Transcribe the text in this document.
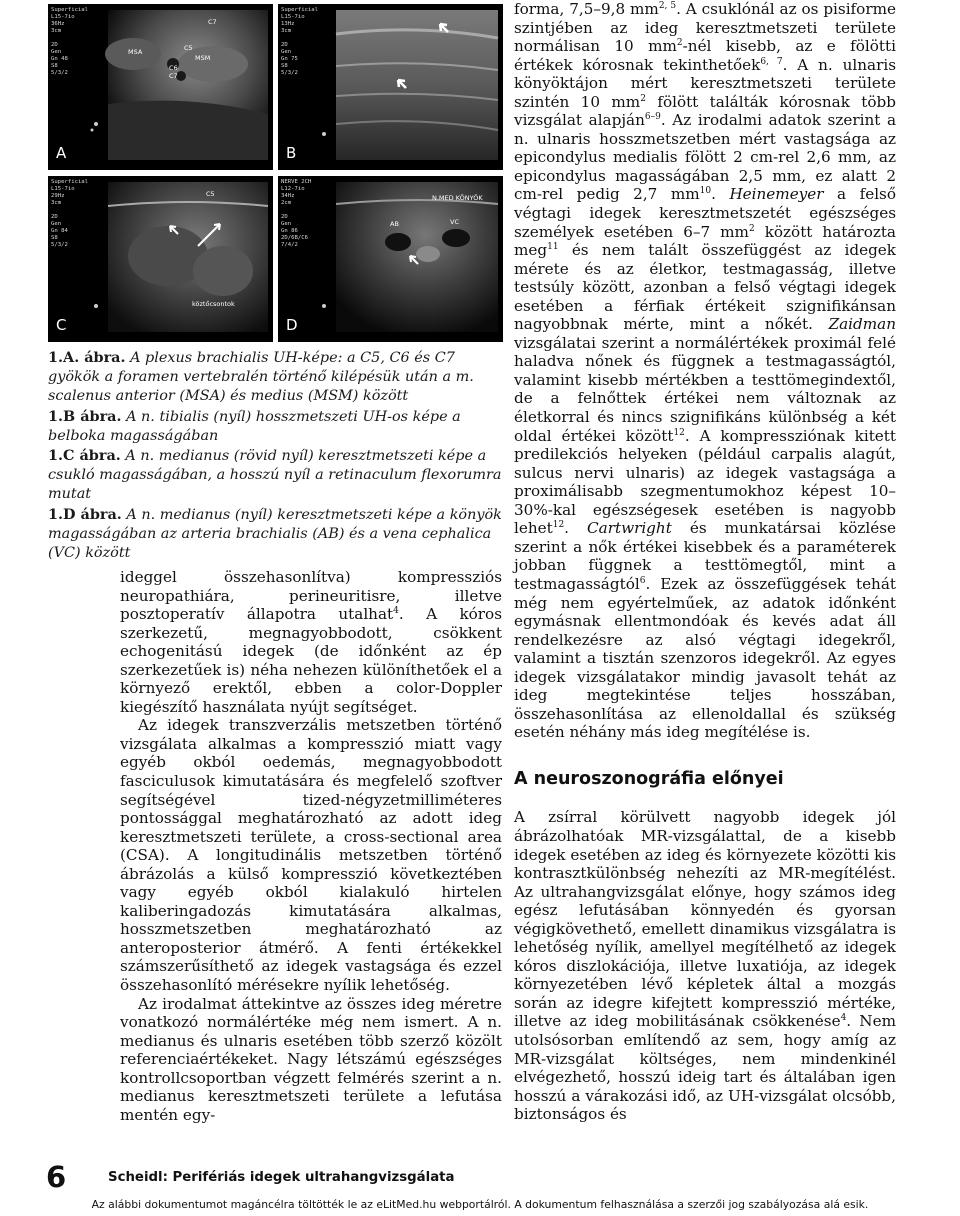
Superficial
L15-7io
36Hz
3cm

2D
Gen
Gn 48
S8
5/3/2
MSA	C5
C6
C7
MSM
C7
A
Superficial
L15-7io
13Hz
3cm

2D
Gen
Gn 75
S8
5/3/2
B
Superficial
L15-7io
29Hz
3cm

2D
Gen
Gn 84
S8
5/3/2
C5
köztőcsontok
C
NERVE 2CH
L12-7io
34Hz
2cm

2D
Gen
Gn 86
2D/6B/C6
7/4/2
N.MED KÖNYÖK
AB	VC
D

1.A. ábra. A plexus brachialis UH-képe: a C5, C6 és C7 gyökök a foramen vertebralén történő kilépésük után a m. scalenus anterior (MSA) és medius (MSM) között

1.B ábra. A n. tibialis (nyíl) hosszmetszeti UH-os képe a belboka magasságában

1.C ábra. A n. medianus (rövid nyíl) keresztmetszeti képe a csukló magasságában, a hosszú nyíl a retinaculum flexorumra mutat

1.D ábra. A n. medianus (nyíl) keresztmetszeti képe a könyök magasságában az arteria brachialis (AB) és a vena cephalica (VC) között

ideggel összehasonlítva) kompressziós neuropathiára, perineuritisre, illetve posztoperatív állapotra utalhat$^4$. A kóros szerkezetű, megnagyobbodott, csökkent echogenitású idegek (de időnként az ép szerkezetűek is) néha nehezen különíthetőek el a környező erektől, ebben a color-Doppler kiegészítő használata nyújt segítséget.

Az idegek transzverzális metszetben történő vizsgálata alkalmas a kompresszió miatt vagy egyéb okból oedemás, megnagyobbodott fasciculusok kimutatására és megfelelő szoftver segítségével tized-négyzetmilliméteres pontossággal meghatározható az adott ideg keresztmetszeti területe, a cross-sectional area (CSA). A longitudinális metszetben történő ábrázolás a külső kompresszió következtében vagy egyéb okból kialakuló hirtelen kaliberingadozás kimutatására alkalmas, hosszmetszetben meghatározható az anteroposterior átmérő. A fenti értékekkel számszerűsíthető az idegek vastagsága és ezzel összehasonlító mérésekre nyílik lehetőség.

Az irodalmat áttekintve az összes ideg méretre vonatkozó normálértéke még nem ismert. A n. medianus és ulnaris esetében több szerző közölt referenciaértékeket. Nagy létszámú egészséges kontrollcsoportban végzett felmérés szerint a n. medianus keresztmetszeti területe a lefutása mentén egy-

forma, 7,5–9,8 mm$^{2, 5}$. A csuklónál az os pisiforme szintjében az ideg keresztmetszeti területe normálisan 10 $mm^2$-nél kisebb, az e fölötti értékek kórosnak tekinthetőek$^{6, 7}$. A n. ulnaris könyöktájon mért keresztmetszeti területe szintén 10 $mm^2$ fölött találták kórosnak több vizsgálat alapján$^{6-9}$. Az irodalmi adatok szerint a n. ulnaris hosszmetszetben mért vastagsága az epicondylus medialis fölött 2 cm-rel 2,6 mm, az epicondylus magasságában 2,5 mm, ez alatt 2 cm-rel pedig 2,7 $mm^{10}$. Heinemeyer a felső végtagi idegek keresztmetszetét egészséges személyek esetében 6–7 $mm^2$ között határozta meg$^{11}$ és nem talált összefüggést az idegek mérete és az életkor, testmagasság, illetve testsúly között, azonban a felső végtagi idegek esetében a férfiak értékeit szignifikánsan nagyobbnak mérte, mint a nőkét. Zaidman vizsgálatai szerint a normálértékek proximál felé haladva nőnek és függnek a testmagasságtól, valamint kisebb mértékben a testtömegindextől, de a felnőttek értékei nem változnak az életkorral és nincs szignifikáns különbség a két oldal értékei között$^{12}$. A kompressziónak kitett predilekciós helyeken (például carpalis alagút, sulcus nervi ulnaris) az idegek vastagsága a proximálisabb szegmentumokhoz képest 10–30%-kal egészségesek esetében is nagyobb lehet$^{12}$. Cartwright és munkatársai közlése szerint a nők értékei kisebbek és a paraméterek jobban függnek a testtömegtől, mint a testmagasságtól$^6$. Ezek az összefüggések tehát még nem egyértelműek, az adatok időnként egymásnak ellentmondóak és kevés adat áll rendelkezésre az alsó végtagi idegekről, valamint a tisztán szenzoros idegekről. Az egyes idegek vizsgálatakor mindig javasolt tehát az ideg megtekintése teljes hosszában, összehasonlítása az ellenoldallal és szükség esetén néhány más ideg megítélése is.

A neuroszonográfia előnyei

A zsírral körülvett nagyobb idegek jól ábrázolhatóak MR-vizsgálattal, de a kisebb idegek esetében az ideg és környezete közötti kis kontrasztkülönbség nehezíti az MR-megítélést. Az ultrahangvizsgálat előnye, hogy számos ideg egész lefutásában könnyedén és gyorsan végigkövethető, emellett dinamikus vizsgálatra is lehetőség nyílik, amellyel megítélhető az idegek kóros diszlokációja, illetve luxatiója, az idegek környezetében lévő képletek által a mozgás során az idegre kifejtett kompresszió mértéke, illetve az ideg mobilitásának csökkenése$^4$. Nem utolsósorban említendő az sem, hogy amíg az MR-vizsgálat költséges, nem mindenkinél elvégezhető, hosszú ideig tart és általában igen hosszú a várakozási idő, az UH-vizsgálat olcsóbb, biztonságos és

6	Scheidl: Perifériás idegek ultrahangvizsgálata
Az alábbi dokumentumot magáncélra töltötték le az eLitMed.hu webportálról. A dokumentum felhasználása a szerzői jog szabályozása alá esik.
